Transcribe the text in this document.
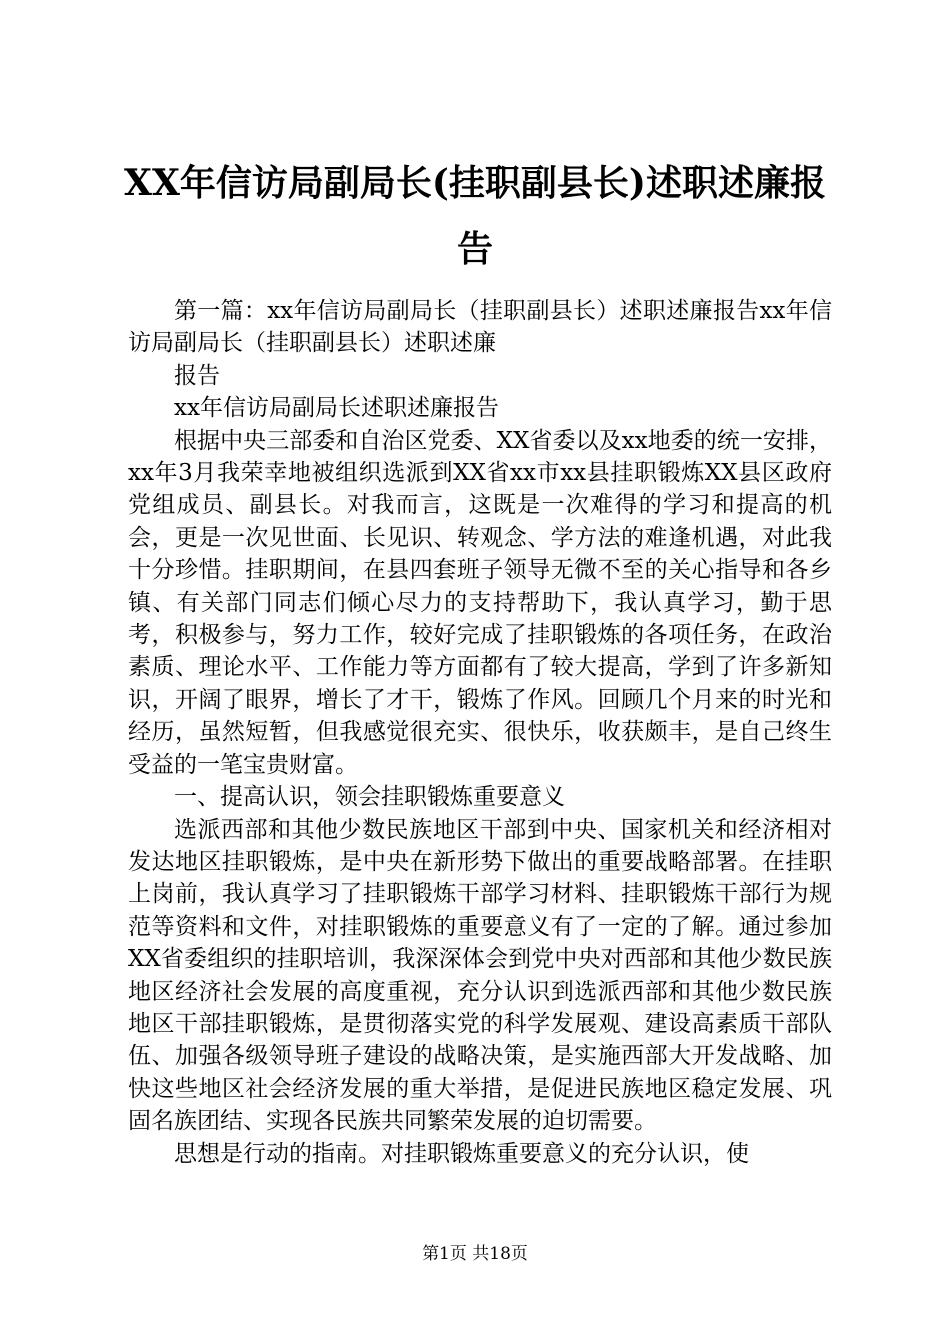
XX年信访局副局长(挂职副县长)述职述廉报告

第一篇：xx年信访局副局长（挂职副县长）述职述廉报告xx年信访局副局长（挂职副县长）述职述廉

报告

xx年信访局副局长述职述廉报告

根据中央三部委和自治区党委、XX省委以及xx地委的统一安排，xx年3月我荣幸地被组织选派到XX省xx市xx县挂职锻炼XX县区政府党组成员、副县长。对我而言，这既是一次难得的学习和提高的机会，更是一次见世面、长见识、转观念、学方法的难逢机遇，对此我十分珍惜。挂职期间，在县四套班子领导无微不至的关心指导和各乡镇、有关部门同志们倾心尽力的支持帮助下，我认真学习，勤于思考，积极参与，努力工作，较好完成了挂职锻炼的各项任务，在政治素质、理论水平、工作能力等方面都有了较大提高，学到了许多新知识，开阔了眼界，增长了才干，锻炼了作风。回顾几个月来的时光和经历，虽然短暂，但我感觉很充实、很快乐，收获颇丰，是自己终生受益的一笔宝贵财富。

一、提高认识，领会挂职锻炼重要意义

选派西部和其他少数民族地区干部到中央、国家机关和经济相对发达地区挂职锻炼，是中央在新形势下做出的重要战略部署。在挂职上岗前，我认真学习了挂职锻炼干部学习材料、挂职锻炼干部行为规范等资料和文件，对挂职锻炼的重要意义有了一定的了解。通过参加XX省委组织的挂职培训，我深深体会到党中央对西部和其他少数民族地区经济社会发展的高度重视，充分认识到选派西部和其他少数民族地区干部挂职锻炼，是贯彻落实党的科学发展观、建设高素质干部队伍、加强各级领导班子建设的战略决策，是实施西部大开发战略、加快这些地区社会经济发展的重大举措，是促进民族地区稳定发展、巩固名族团结、实现各民族共同繁荣发展的迫切需要。

思想是行动的指南。对挂职锻炼重要意义的充分认识，使

第1页 共18页
